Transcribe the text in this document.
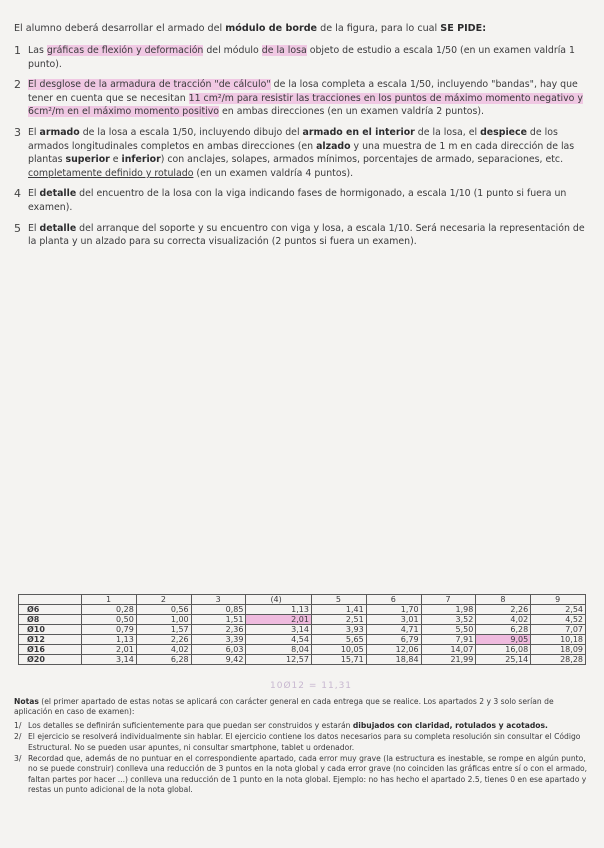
El alumno deberá desarrollar el armado del módulo de borde de la figura, para lo cual SE PIDE:
1 Las gráficas de flexión y deformación del módulo de la losa objeto de estudio a escala 1/50 (en un examen valdría 1 punto).
2 El desglose de la armadura de tracción "de cálculo" de la losa completa a escala 1/50, incluyendo "bandas", hay que tener en cuenta que se necesitan 11 cm²/m para resistir las tracciones en los puntos de máximo momento negativo y 6cm²/m en el máximo momento positivo en ambas direcciones (en un examen valdría 2 puntos).
3 El armado de la losa a escala 1/50, incluyendo dibujo del armado en el interior de la losa, el despiece de los armados longitudinales completos en ambas direcciones (en alzado y una muestra de 1 m en cada dirección de las plantas superior e inferior) con anclajes, solapes, armados mínimos, porcentajes de armado, separaciones, etc. completamente definido y rotulado (en un examen valdría 4 puntos).
4 El detalle del encuentro de la losa con la viga indicando fases de hormigonado, a escala 1/10 (1 punto si fuera un examen).
5 El detalle del arranque del soporte y su encuentro con viga y losa, a escala 1/10. Será necesaria la representación de la planta y un alzado para su correcta visualización (2 puntos si fuera un examen).
	1	2	3	(4)	5	6	7	8	9
Ø6	0,28	0,56	0,85	1,13	1,41	1,70	1,98	2,26	2,54
Ø8	0,50	1,00	1,51	2,01	2,51	3,01	3,52	4,02	4,52
Ø10	0,79	1,57	2,36	3,14	3,93	4,71	5,50	6,28	7,07
Ø12	1,13	2,26	3,39	4,54	5,65	6,79	7,91	9,05	10,18
Ø16	2,01	4,02	6,03	8,04	10,05	12,06	14,07	16,08	18,09
Ø20	3,14	6,28	9,42	12,57	15,71	18,84	21,99	25,14	28,28
10Ø12 = 11,31
Notas (el primer apartado de estas notas se aplicará con carácter general en cada entrega que se realice. Los apartados 2 y 3 solo serían de aplicación en caso de examen):
1/ Los detalles se definirán suficientemente para que puedan ser construidos y estarán dibujados con claridad, rotulados y acotados.
2/ El ejercicio se resolverá individualmente sin hablar. El ejercicio contiene los datos necesarios para su completa resolución sin consultar el Código Estructural. No se pueden usar apuntes, ni consultar smartphone, tablet u ordenador.
3/ Recordad que, además de no puntuar en el correspondiente apartado, cada error muy grave (la estructura es inestable, se rompe en algún punto, no se puede construir) conlleva una reducción de 3 puntos en la nota global y cada error grave (no coinciden las gráficas entre sí o con el armado, faltan partes por hacer ...) conlleva una reducción de 1 punto en la nota global. Ejemplo: no has hecho el apartado 2.5, tienes 0 en ese apartado y restas un punto adicional de la nota global.
